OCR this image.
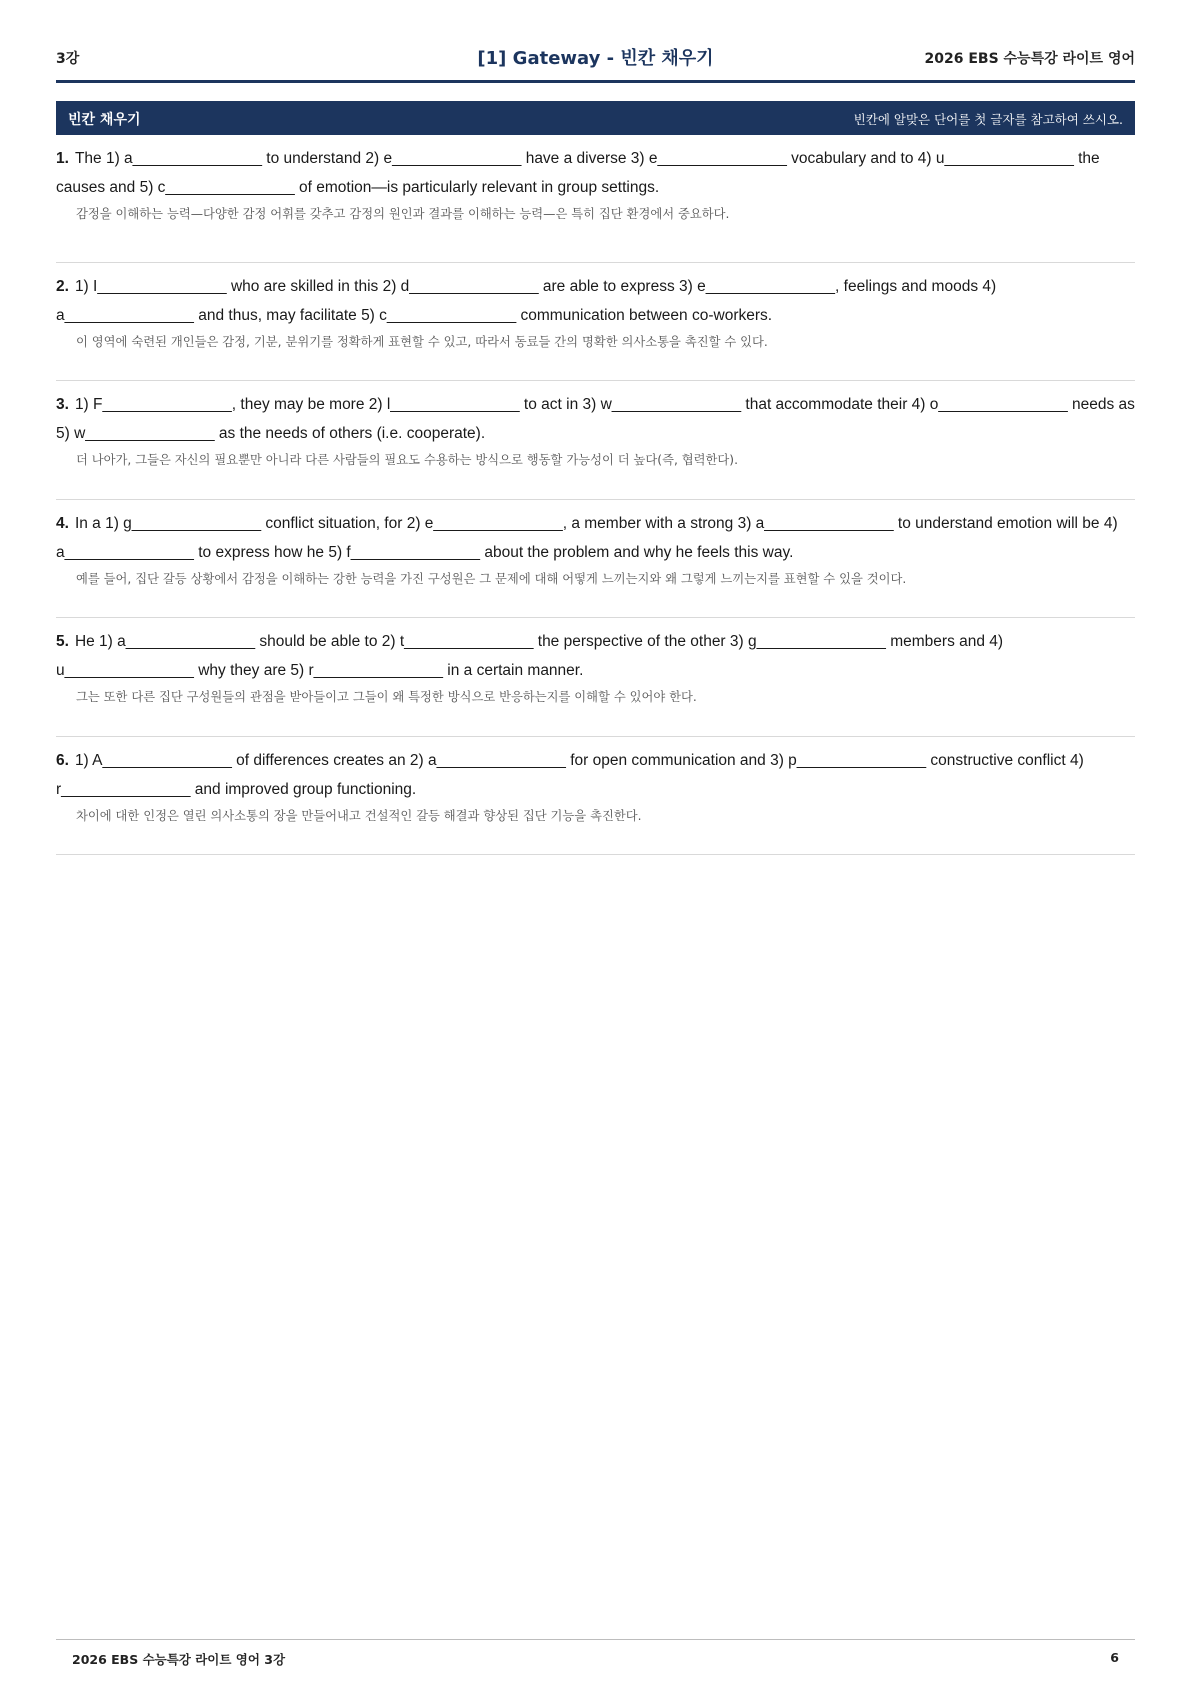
3강	[1] Gateway - 빈칸 채우기	2026 EBS 수능특강 라이트 영어
빈칸 채우기	빈칸에 알맞은 단어를 첫 글자를 참고하여 쓰시오.
1. The 1) a_______________ to understand 2) e_______________ have a diverse 3) e_______________ vocabulary and to 4) u_______________ the causes and 5) c_______________ of emotion—is particularly relevant in group settings.
감정을 이해하는 능력—다양한 감정 어휘를 갖추고 감정의 원인과 결과를 이해하는 능력—은 특히 집단 환경에서 중요하다.
2. 1) I_______________ who are skilled in this 2) d_______________ are able to express 3) e_______________, feelings and moods 4) a_______________ and thus, may facilitate 5) c_______________ communication between co-workers.
이 영역에 숙련된 개인들은 감정, 기분, 분위기를 정확하게 표현할 수 있고, 따라서 동료들 간의 명확한 의사소통을 촉진할 수 있다.
3. 1) F_______________, they may be more 2) l_______________ to act in 3) w_______________ that accommodate their 4) o_______________ needs as 5) w_______________ as the needs of others (i.e. cooperate).
더 나아가, 그들은 자신의 필요뿐만 아니라 다른 사람들의 필요도 수용하는 방식으로 행동할 가능성이 더 높다(즉, 협력한다).
4. In a 1) g_______________ conflict situation, for 2) e_______________, a member with a strong 3) a_______________ to understand emotion will be 4) a_______________ to express how he 5) f_______________ about the problem and why he feels this way.
예를 들어, 집단 갈등 상황에서 감정을 이해하는 강한 능력을 가진 구성원은 그 문제에 대해 어떻게 느끼는지와 왜 그렇게 느끼는지를 표현할 수 있을 것이다.
5. He 1) a_______________ should be able to 2) t_______________ the perspective of the other 3) g_______________ members and 4) u_______________ why they are 5) r_______________ in a certain manner.
그는 또한 다른 집단 구성원들의 관점을 받아들이고 그들이 왜 특정한 방식으로 반응하는지를 이해할 수 있어야 한다.
6. 1) A_______________ of differences creates an 2) a_______________ for open communication and 3) p_______________ constructive conflict 4) r_______________ and improved group functioning.
차이에 대한 인정은 열린 의사소통의 장을 만들어내고 건설적인 갈등 해결과 향상된 집단 기능을 촉진한다.
2026 EBS 수능특강 라이트 영어 3강	6
